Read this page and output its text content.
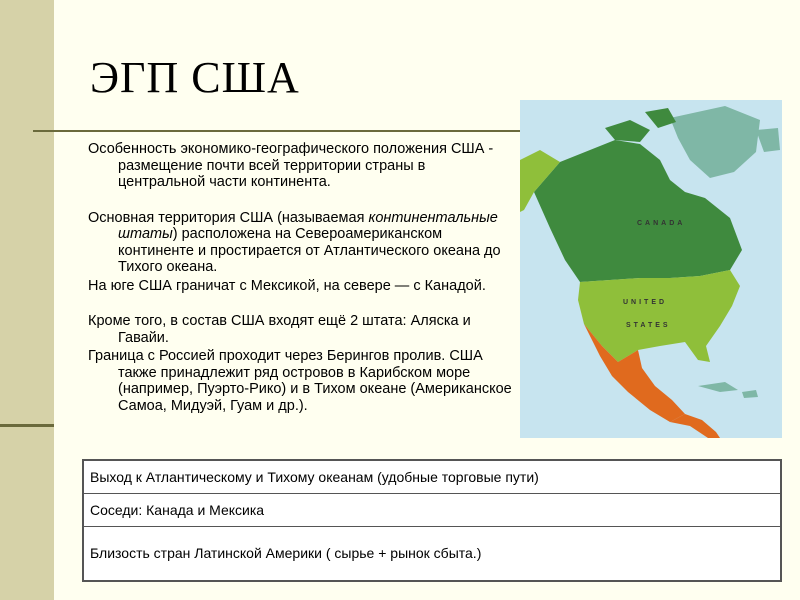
ЭГП США

Особенность экономико-географического положения США - размещение почти всей территории страны в центральной части континента.

Основная территория США (называемая континентальные штаты) расположена на Североамериканском континенте и простирается от Атлантического океана до Тихого океана.

На юге США граничат с Мексикой, на севере — с Канадой.

Кроме того, в состав США входят ещё 2 штата: Аляска и Гавайи.

Граница с Россией проходит через Берингов пролив. США также принадлежит ряд островов в Карибском море (например, Пуэрто-Рико) и в Тихом океане (Американское Самоа, Мидуэй, Гуам и др.).

CANADA
UNITED
STATES
Выход к Атлантическому и Тихому океанам (удобные торговые пути)
Соседи: Канада и Мексика
Близость стран Латинской Америки ( сырье + рынок сбыта.)
